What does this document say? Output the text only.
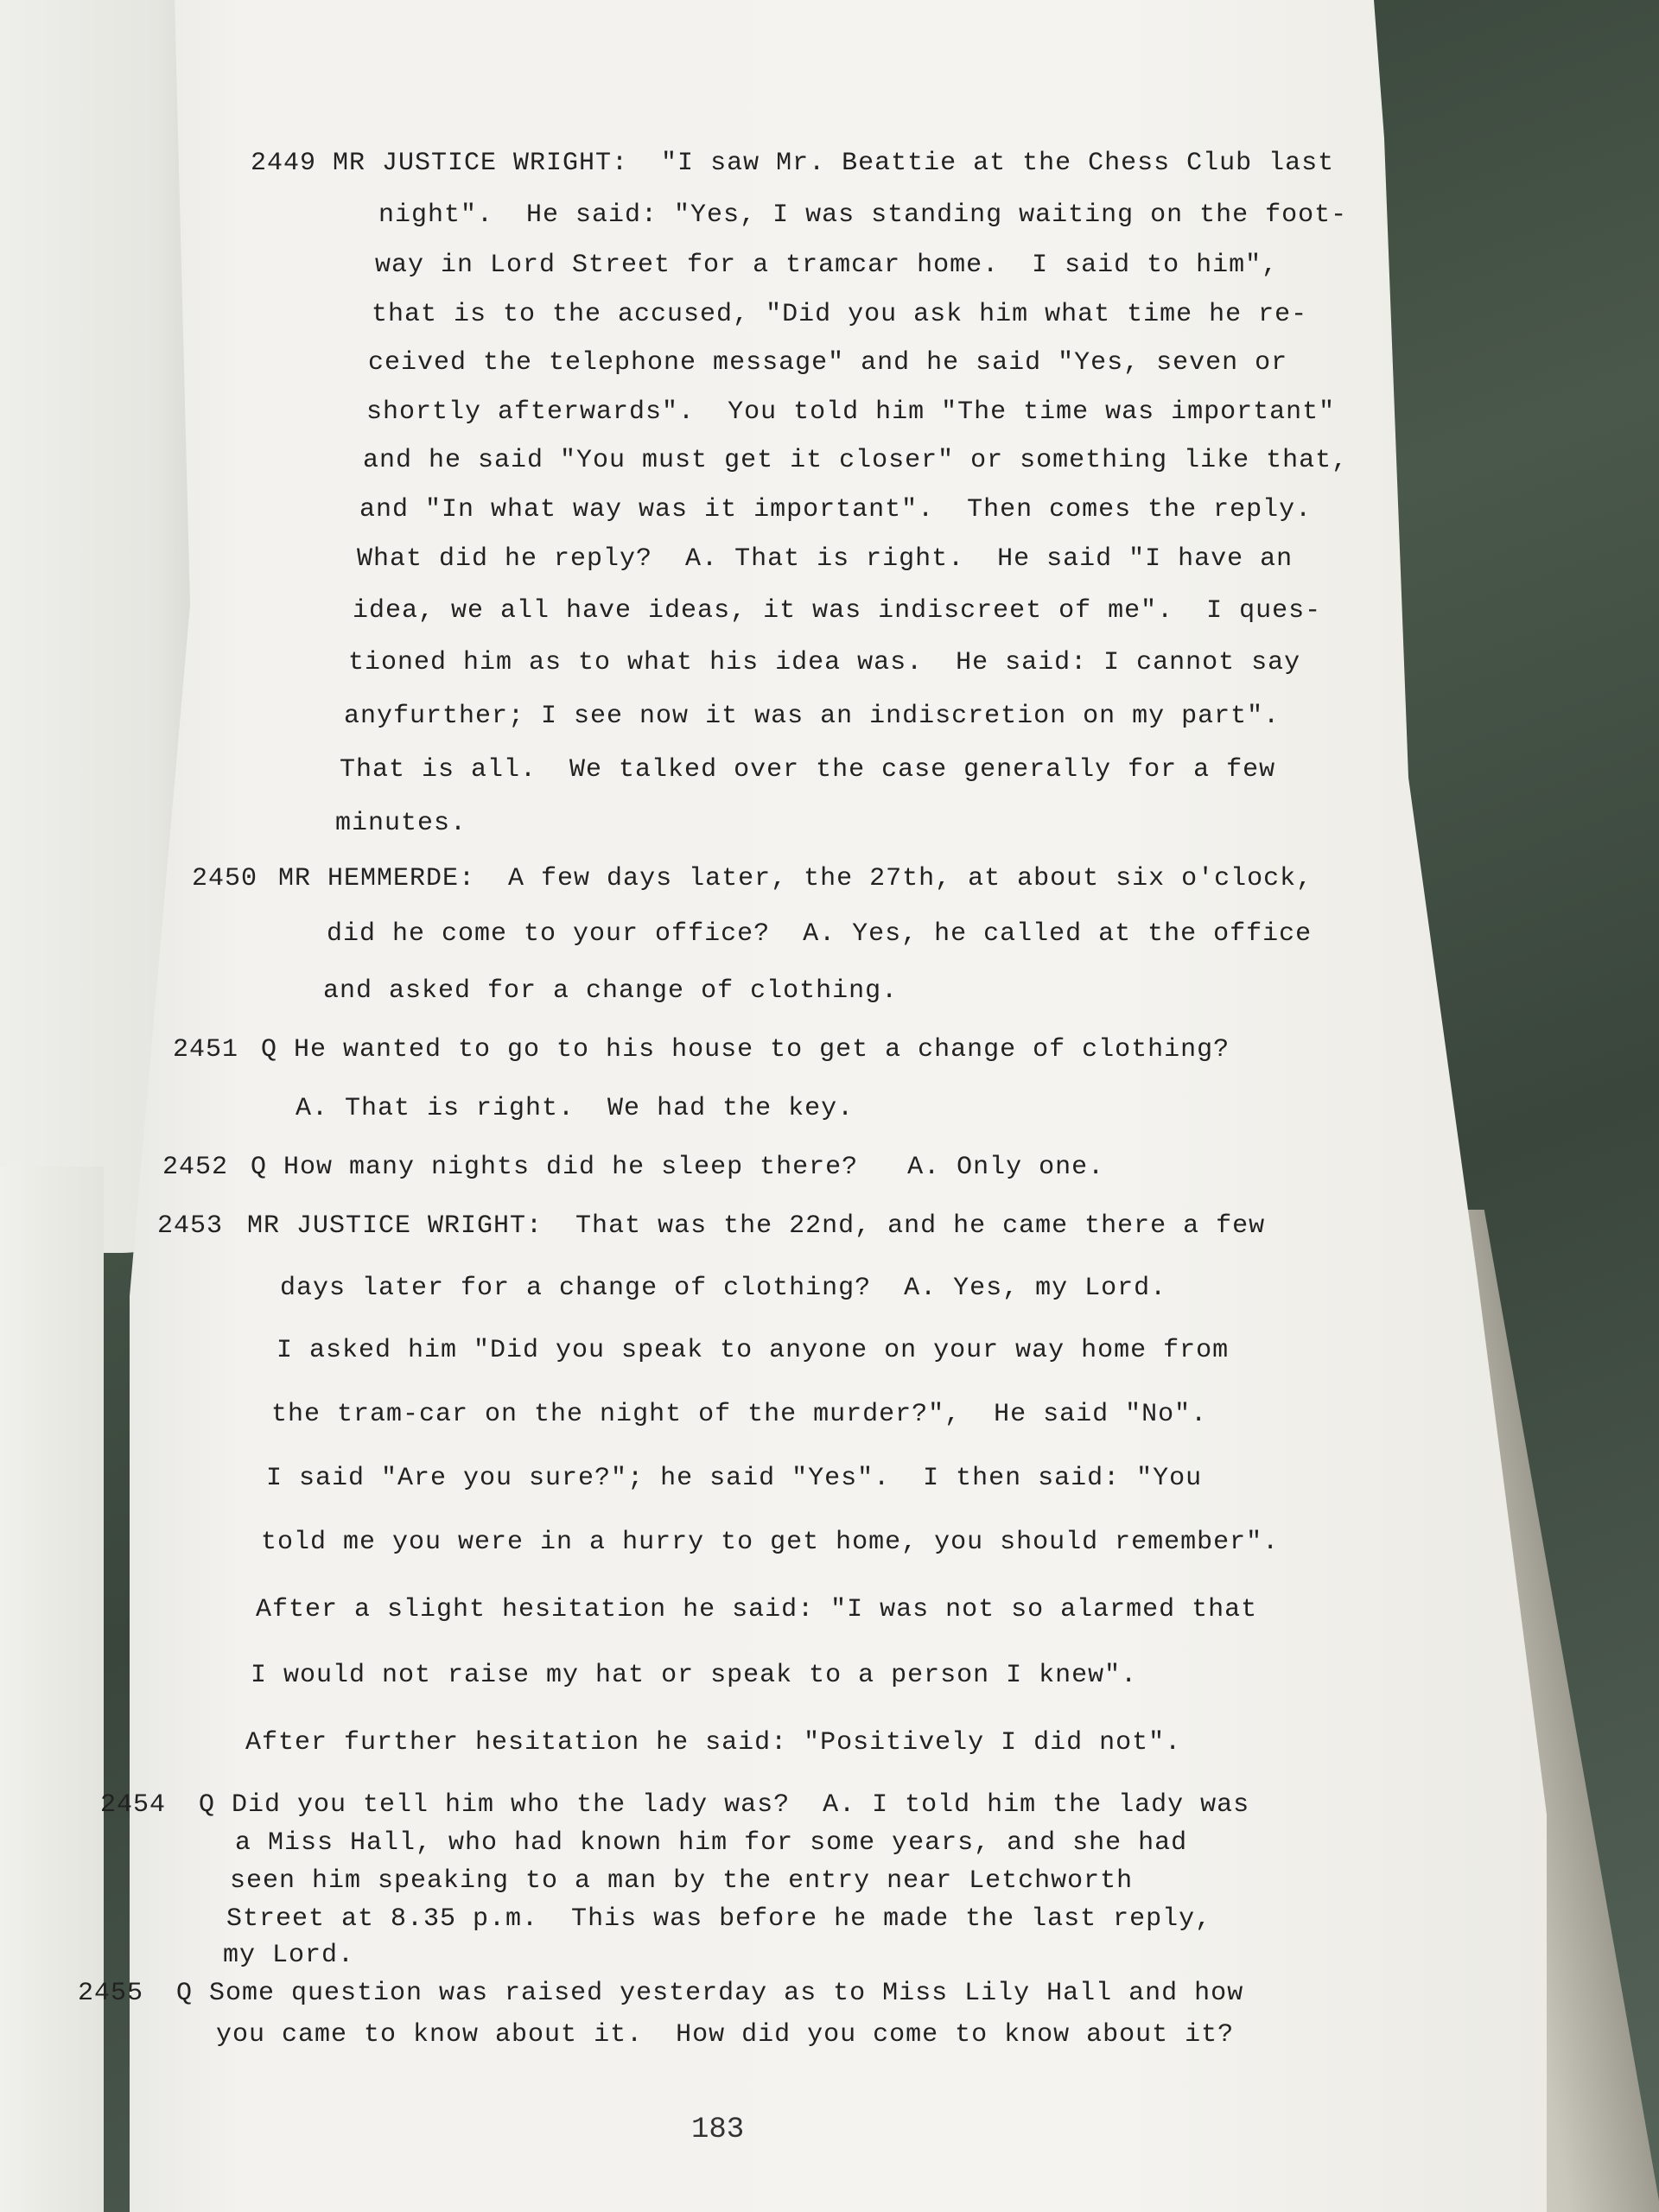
2449 MR JUSTICE WRIGHT:  "I saw Mr. Beattie at the Chess Club last
night".  He said: "Yes, I was standing waiting on the foot-
way in Lord Street for a tramcar home.  I said to him",
that is to the accused, "Did you ask him what time he re-
ceived the telephone message" and he said "Yes, seven or
shortly afterwards".  You told him "The time was important"
and he said "You must get it closer" or something like that,
and "In what way was it important".  Then comes the reply.
What did he reply?  A. That is right.  He said "I have an
idea, we all have ideas, it was indiscreet of me".  I ques-
tioned him as to what his idea was.  He said: I cannot say
anyfurther; I see now it was an indiscretion on my part".
That is all.  We talked over the case generally for a few
minutes.
2450 MR HEMMERDE:  A few days later, the 27th, at about six o'clock,
did he come to your office?  A. Yes, he called at the office
and asked for a change of clothing.
2451 Q He wanted to go to his house to get a change of clothing?
A. That is right.  We had the key.
2452 Q How many nights did he sleep there?   A. Only one.
2453 MR JUSTICE WRIGHT:  That was the 22nd, and he came there a few
days later for a change of clothing?  A. Yes, my Lord.
I asked him "Did you speak to anyone on your way home from
the tram-car on the night of the murder?",  He said "No".
I said "Are you sure?"; he said "Yes".  I then said: "You
told me you were in a hurry to get home, you should remember".
After a slight hesitation he said: "I was not so alarmed that
I would not raise my hat or speak to a person I knew".
After further hesitation he said: "Positively I did not".
2454 Q Did you tell him who the lady was?  A. I told him the lady was
a Miss Hall, who had known him for some years, and she had
seen him speaking to a man by the entry near Letchworth
Street at 8.35 p.m.  This was before he made the last reply,
my Lord.
2455 Q Some question was raised yesterday as to Miss Lily Hall and how
you came to know about it.  How did you come to know about it?
183
